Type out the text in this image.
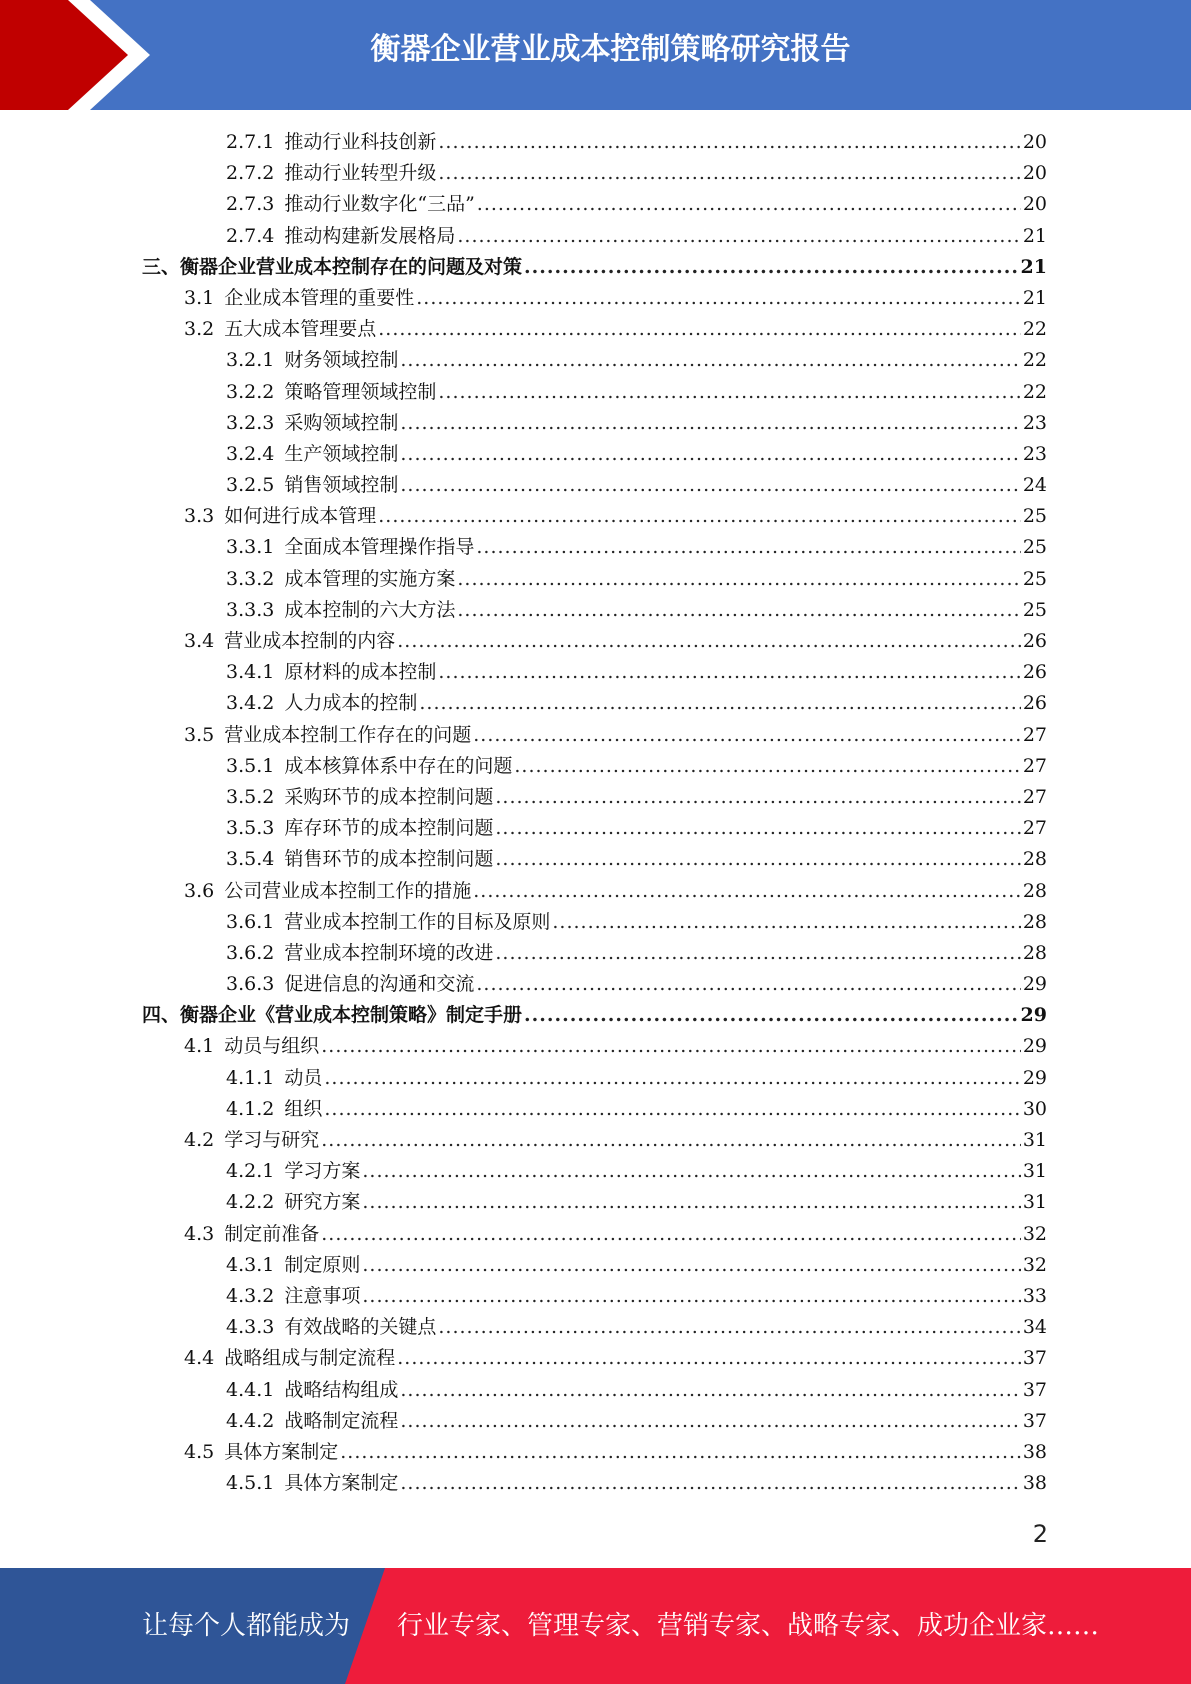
衡器企业营业成本控制策略研究报告
2.7.1 推动行业科技创新 .....	20
2.7.2 推动行业转型升级 .....	20
2.7.3 推动行业数字化“三品” .....	20
2.7.4 推动构建新发展格局 .....	21
三、衡器企业营业成本控制存在的问题及对策 .....	21
3.1 企业成本管理的重要性 .....	21
3.2 五大成本管理要点 .....	22
3.2.1 财务领域控制 .....	22
3.2.2 策略管理领域控制 .....	22
3.2.3 采购领域控制 .....	23
3.2.4 生产领域控制 .....	23
3.2.5 销售领域控制 .....	24
3.3 如何进行成本管理 .....	25
3.3.1 全面成本管理操作指导 .....	25
3.3.2 成本管理的实施方案 .....	25
3.3.3 成本控制的六大方法 .....	25
3.4 营业成本控制的内容 .....	26
3.4.1 原材料的成本控制 .....	26
3.4.2 人力成本的控制 .....	26
3.5 营业成本控制工作存在的问题 .....	27
3.5.1 成本核算体系中存在的问题 .....	27
3.5.2 采购环节的成本控制问题 .....	27
3.5.3 库存环节的成本控制问题 .....	27
3.5.4 销售环节的成本控制问题 .....	28
3.6 公司营业成本控制工作的措施 .....	28
3.6.1 营业成本控制工作的目标及原则 .....	28
3.6.2 营业成本控制环境的改进 .....	28
3.6.3 促进信息的沟通和交流 .....	29
四、衡器企业《营业成本控制策略》制定手册 .....	29
4.1 动员与组织 .....	29
4.1.1 动员 .....	29
4.1.2 组织 .....	30
4.2 学习与研究 .....	31
4.2.1 学习方案 .....	31
4.2.2 研究方案 .....	31
4.3 制定前准备 .....	32
4.3.1 制定原则 .....	32
4.3.2 注意事项 .....	33
4.3.3 有效战略的关键点 .....	34
4.4 战略组成与制定流程 .....	37
4.4.1 战略结构组成 .....	37
4.4.2 战略制定流程 .....	37
4.5 具体方案制定 .....	38
4.5.1 具体方案制定 .....	38
2
让每个人都能成为 行业专家、管理专家、营销专家、战略专家、成功企业家……
